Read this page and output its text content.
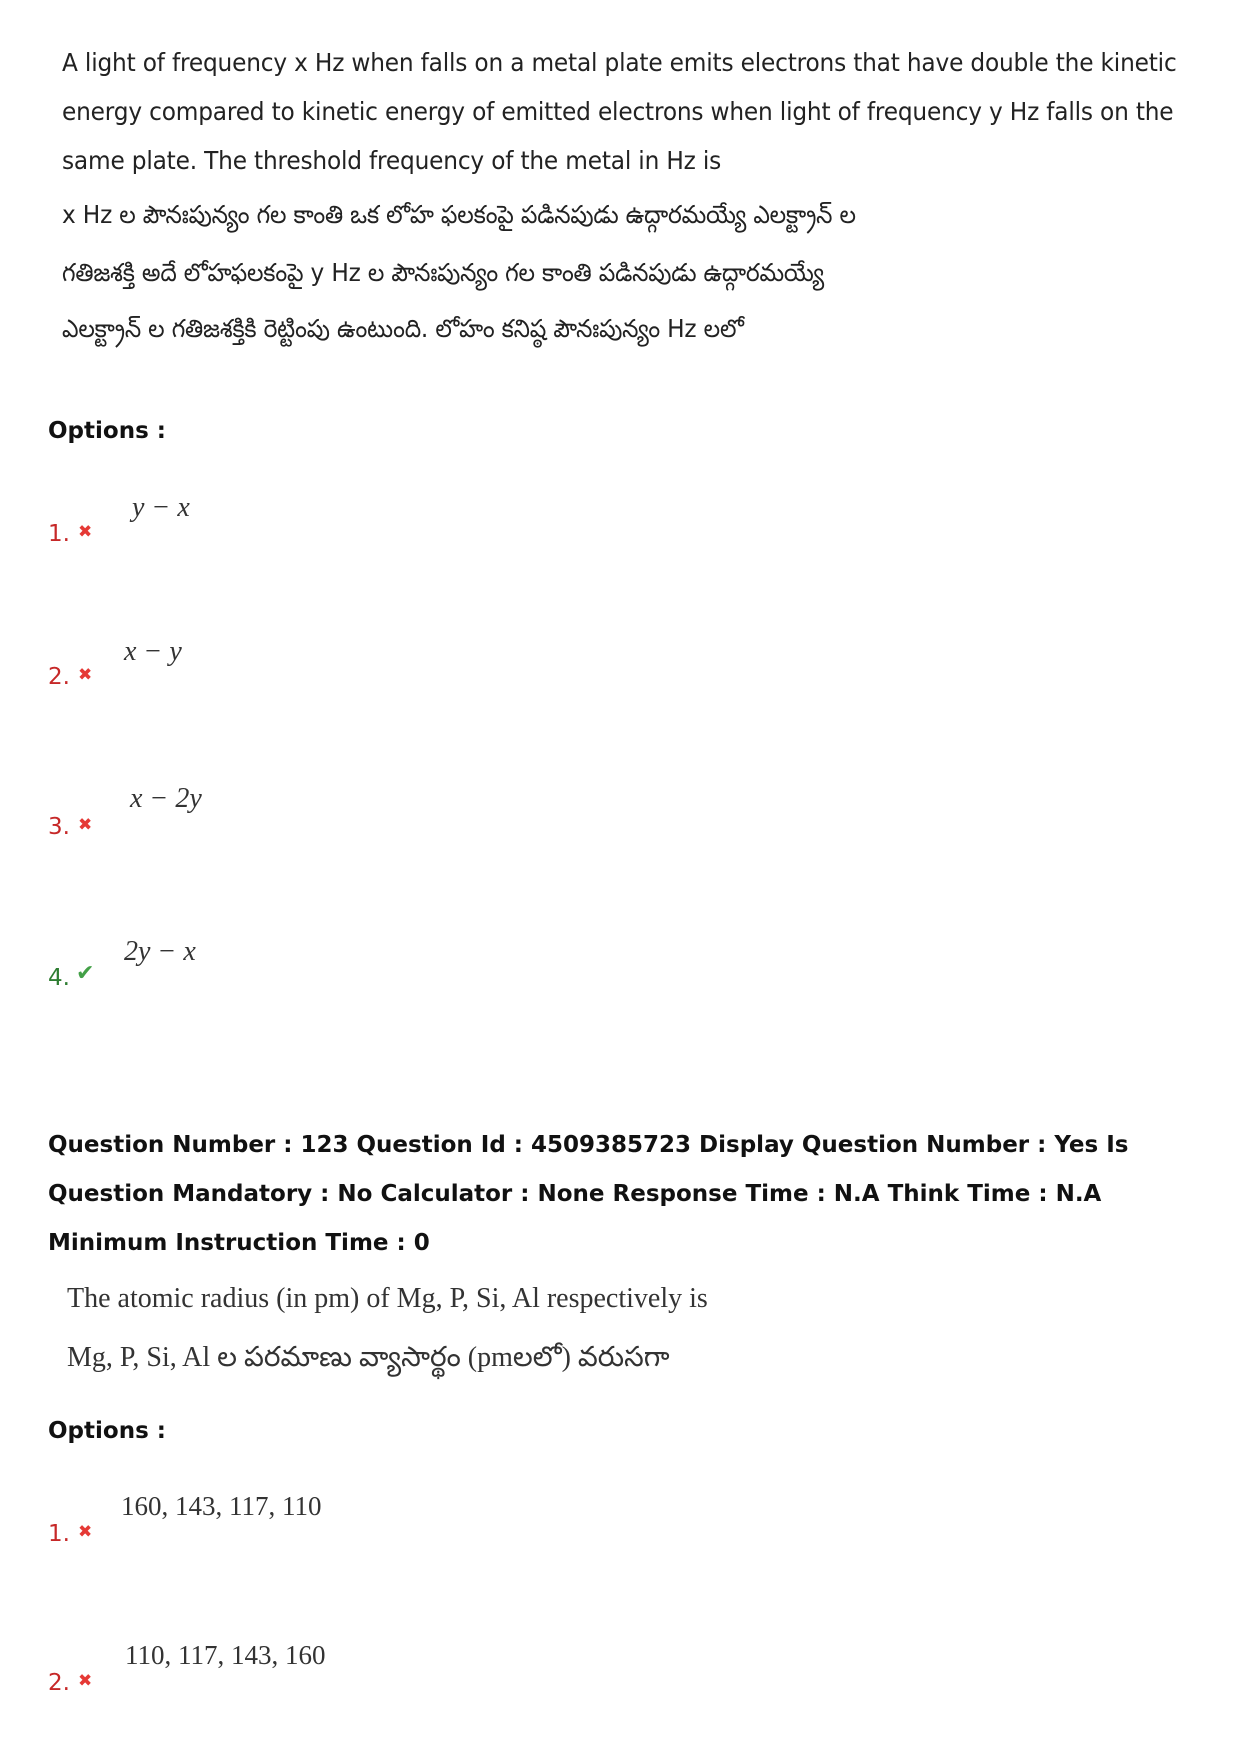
A light of frequency x Hz when falls on a metal plate emits electrons that have double the kinetic
energy compared to kinetic energy of emitted electrons when light of frequency y Hz falls on the
same plate. The threshold frequency of the metal in Hz is
x Hz ల పౌనఃపున్యం గల కాంతి ఒక లోహ ఫలకంపై పడినపుడు ఉద్గారమయ్యే ఎలక్ట్రాన్ ల
గతిజశక్తి అదే లోహఫలకంపై y Hz ల పౌనఃపున్యం గల కాంతి పడినపుడు ఉద్గారమయ్యే
ఎలక్ట్రాన్ ల గతిజశక్తికి రెట్టింపు ఉంటుంది. లోహం కనిష్ఠ పౌనఃపున్యం Hz లలో
Options :
1. ✖
y − x
2. ✖
x − y
3. ✖
x − 2y
4. ✔
2y − x
Question Number : 123 Question Id : 4509385723 Display Question Number : Yes Is Question Mandatory : No Calculator : None Response Time : N.A Think Time : N.A Minimum Instruction Time : 0
The atomic radius (in pm) of Mg, P, Si, Al respectively is
Mg, P, Si, Al ల పరమాణు వ్యాసార్థం (pmలలో) వరుసగా
Options :
1. ✖
160, 143, 117, 110
2. ✖
110, 117, 143, 160
